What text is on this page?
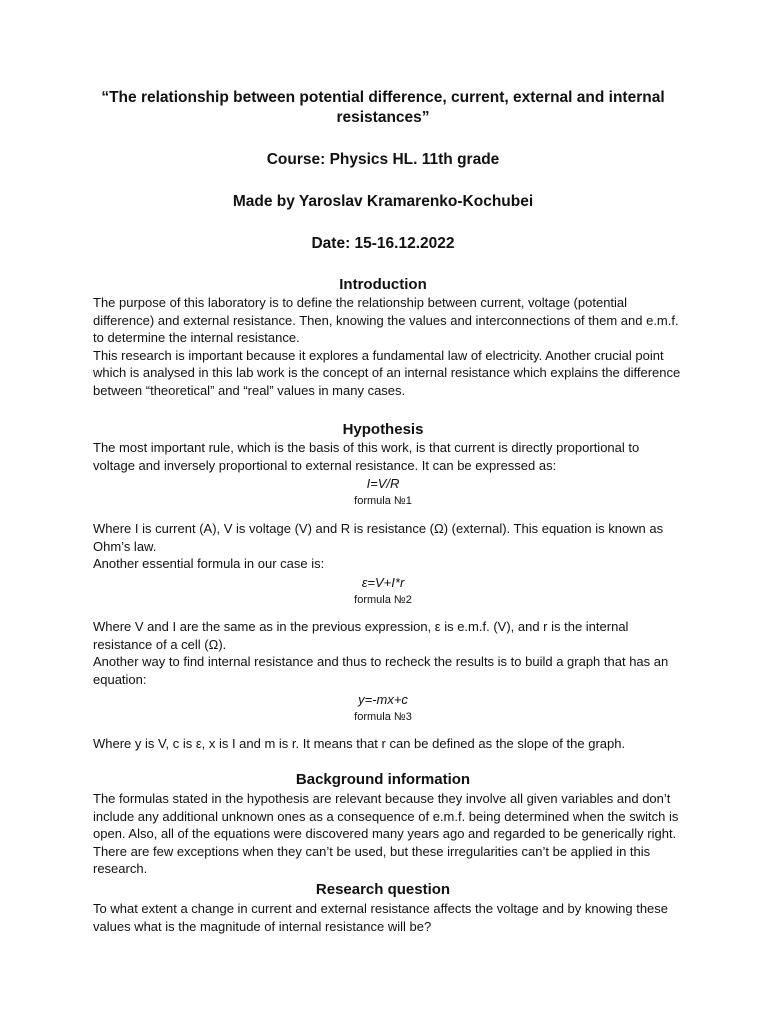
“The relationship between potential difference, current, external and internal resistances”
Course: Physics HL. 11th grade
Made by Yaroslav Kramarenko-Kochubei
Date: 15-16.12.2022
Introduction

The purpose of this laboratory is to define the relationship between current, voltage (potential difference) and external resistance. Then, knowing the values and interconnections of them and e.m.f. to determine the internal resistance.

This research is important because it explores a fundamental law of electricity. Another crucial point which is analysed in this lab work is the concept of an internal resistance which explains the difference between “theoretical” and “real” values in many cases.

Hypothesis
The most important rule, which is the basis of this work, is that current is directly proportional to voltage and inversely proportional to external resistance. It can be expressed as:
I=V/R
formula №1

Where I is current (A), V is voltage (V) and R is resistance (Ω) (external). This equation is known as Ohm’s law.

Another essential formula in our case is:

ε=V+I*r
formula №2

Where V and I are the same as in the previous expression, ε is e.m.f. (V), and r is the internal resistance of a cell (Ω).

Another way to find internal resistance and thus to recheck the results is to build a graph that has an equation:

y=-mx+c
formula №3
Where y is V, c is ε, x is I and m is r. It means that r can be defined as the slope of the graph.
Background information
The formulas stated in the hypothesis are relevant because they involve all given variables and don’t include any additional unknown ones as a consequence of e.m.f. being determined when the switch is open. Also, all of the equations were discovered many years ago and regarded to be generically right. There are few exceptions when they can’t be used, but these irregularities can’t be applied in this research.
Research question
To what extent a change in current and external resistance affects the voltage and by knowing these values what is the magnitude of internal resistance will be?
